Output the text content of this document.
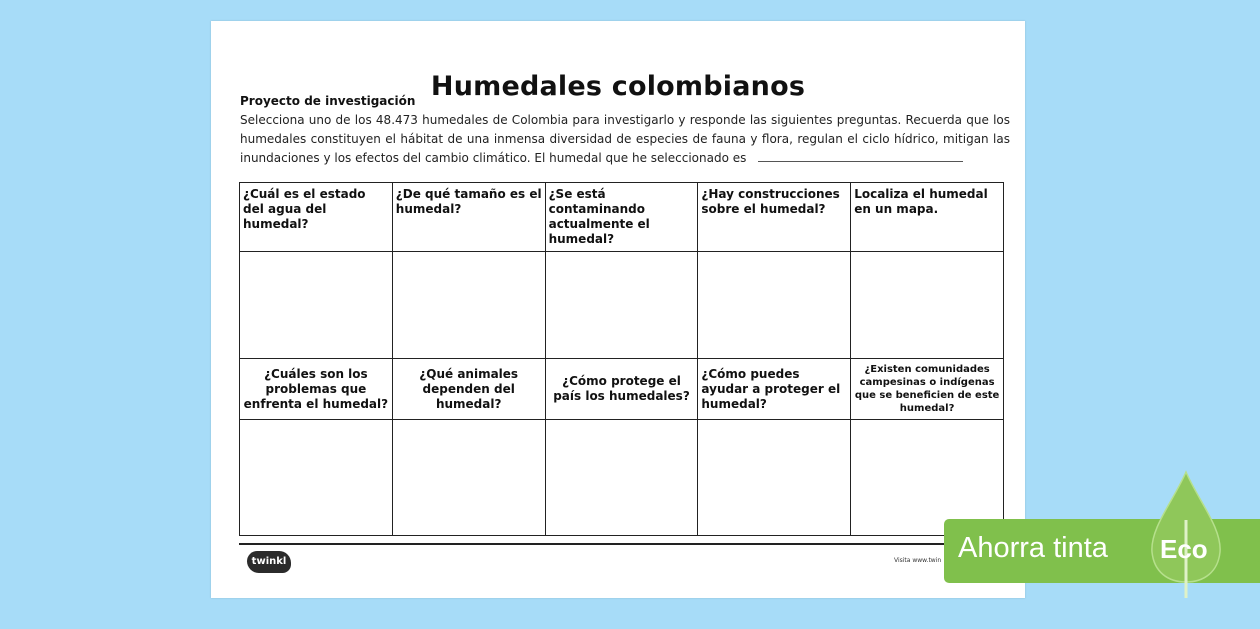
Humedales colombianos
Proyecto de investigación
Selecciona uno de los 48.473 humedales de Colombia para investigarlo y responde las siguientes preguntas. Recuerda que los humedales constituyen el hábitat de una inmensa diversidad de especies de fauna y flora, regulan el ciclo hídrico, mitigan las inundaciones y los efectos del cambio climático. El humedal que he seleccionado es
¿Cuál es el estado del agua del humedal?	¿De qué tamaño es el humedal?	¿Se está contaminando actualmente el humedal?	¿Hay construcciones sobre el humedal?	Localiza el humedal en un mapa.

¿Cuáles son los problemas que enfrenta el humedal?	¿Qué animales dependen del humedal?	¿Cómo protege el país los humedales?	¿Cómo puedes ayudar a proteger el humedal?	¿Existen comunidades campesinas o indígenas que se beneficien de este humedal?

twinkl	Visita www.twin Ahorra tinta Eco
